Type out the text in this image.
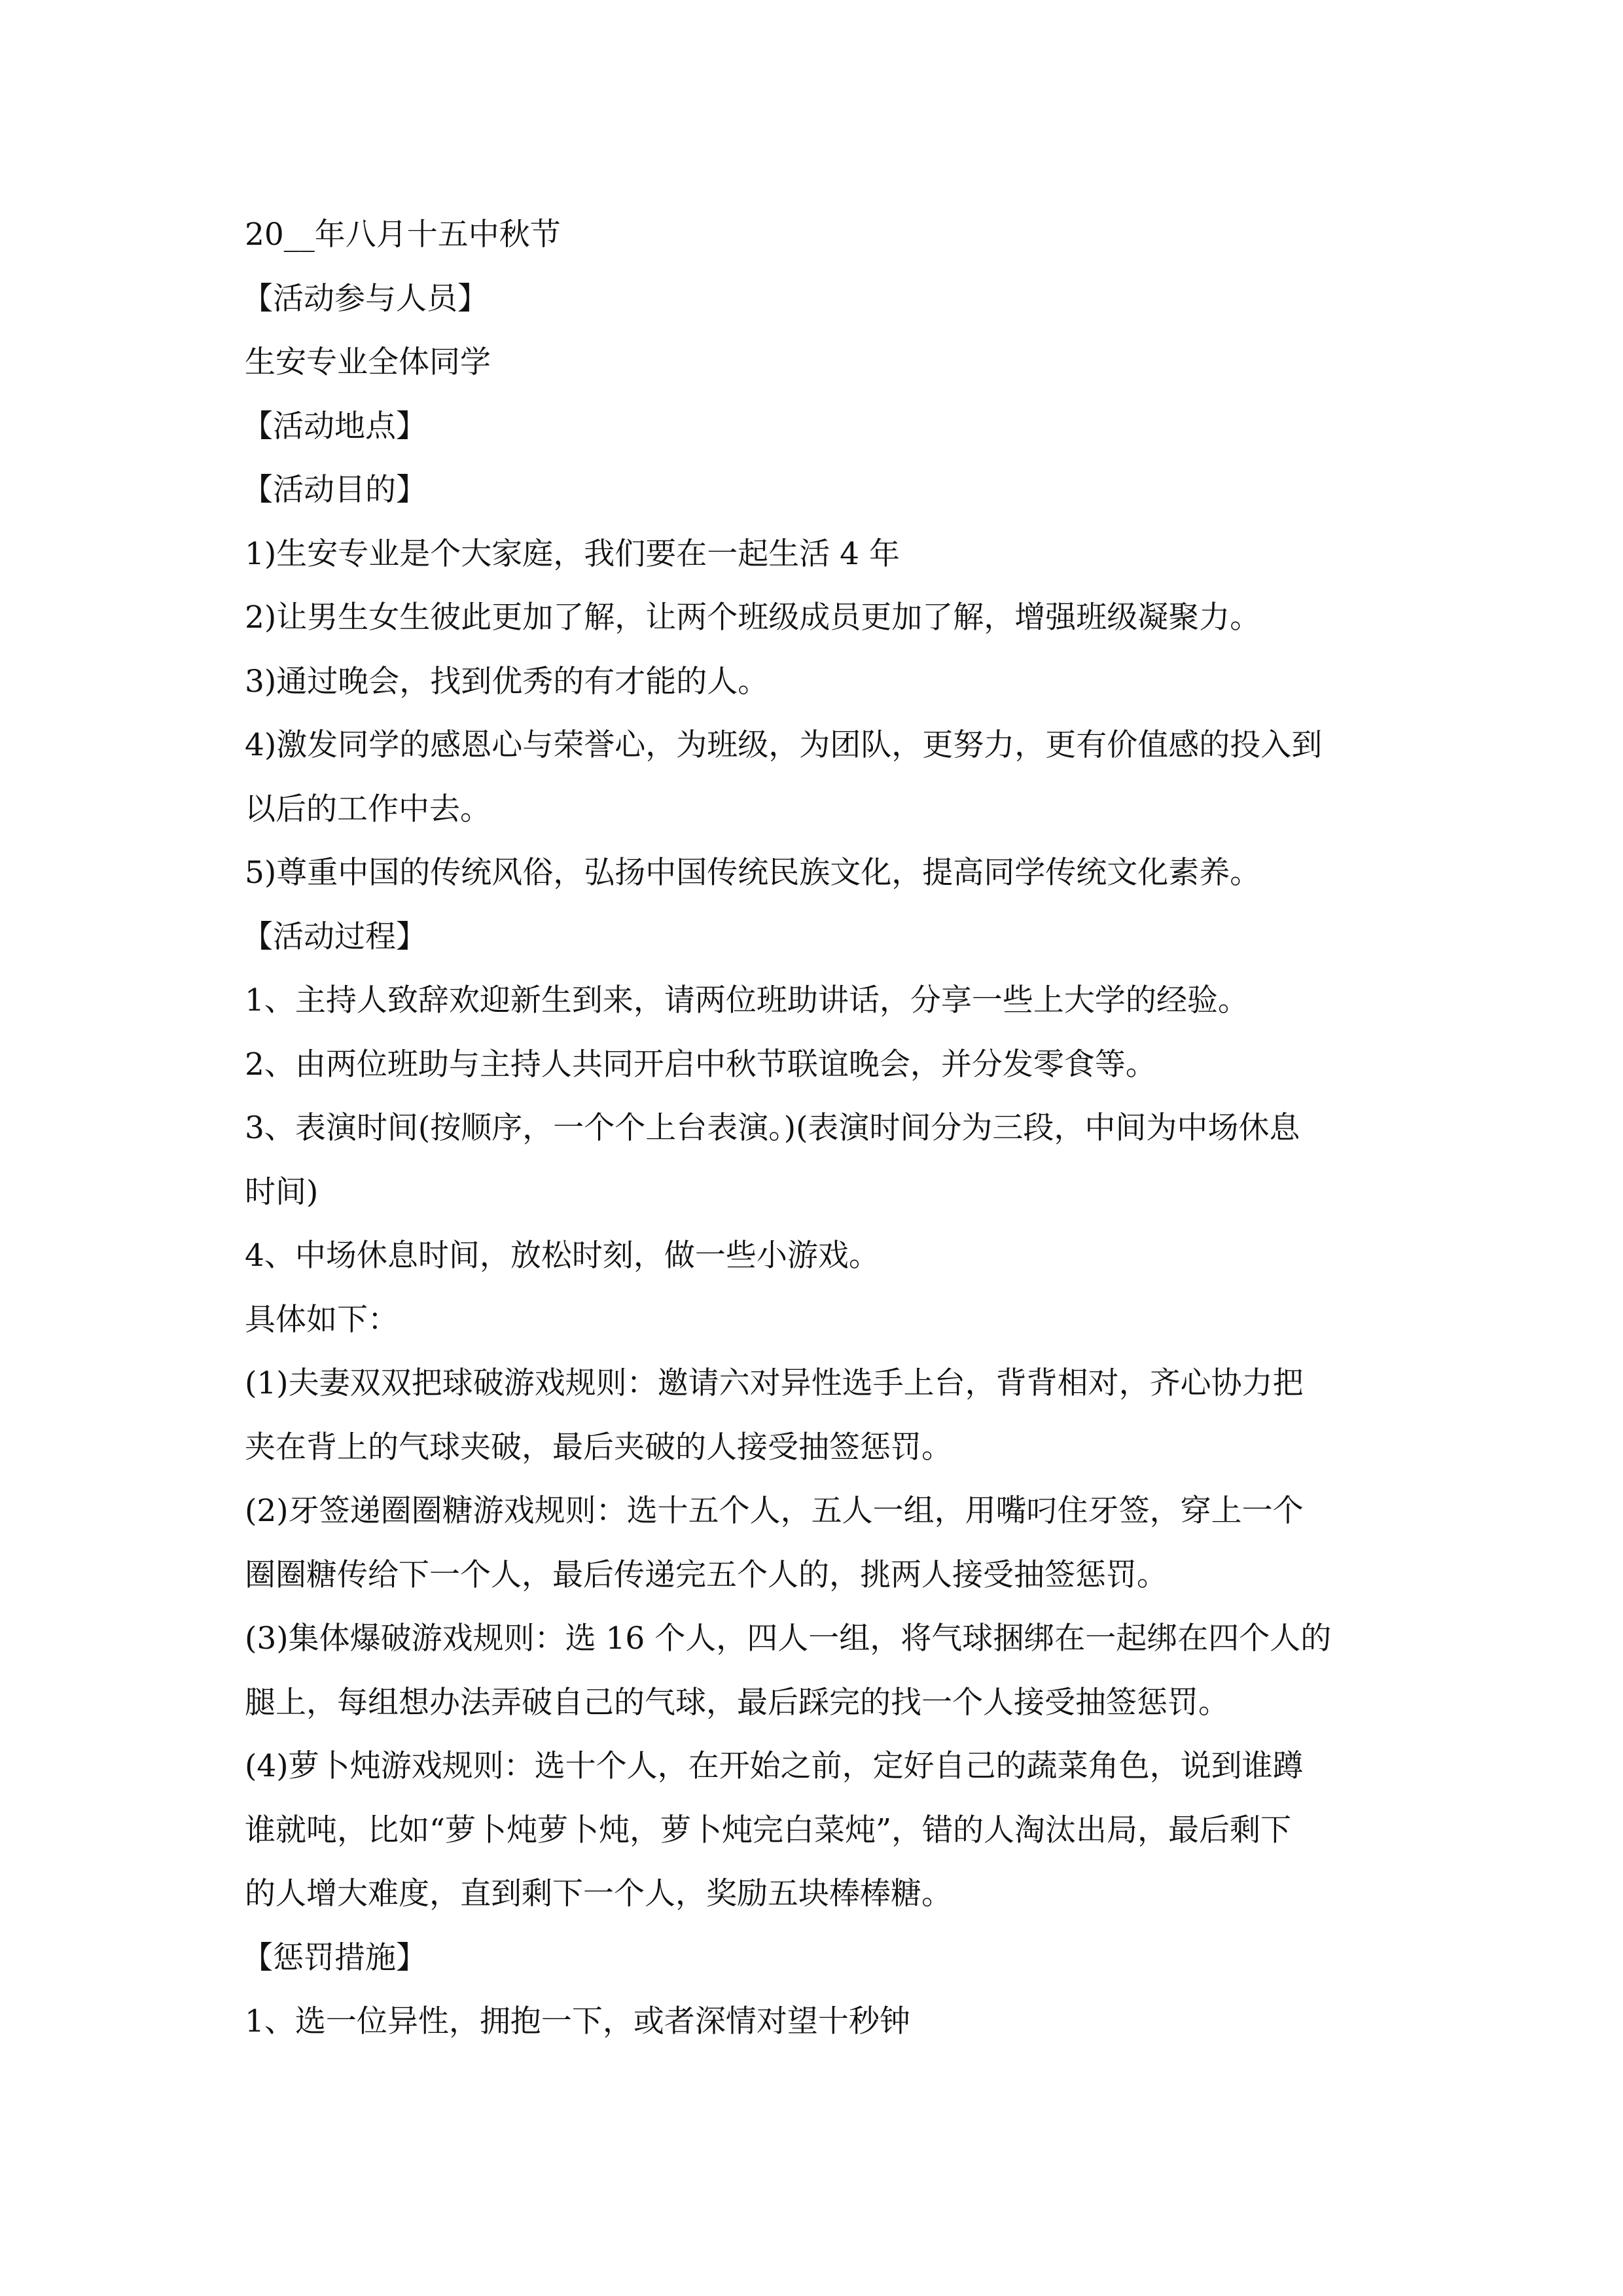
20__年八月十五中秋节
【活动参与人员】
生安专业全体同学
【活动地点】
【活动目的】
1)生安专业是个大家庭，我们要在一起生活 4 年
2)让男生女生彼此更加了解，让两个班级成员更加了解，增强班级凝聚力。
3)通过晚会，找到优秀的有才能的人。
4)激发同学的感恩心与荣誉心，为班级，为团队，更努力，更有价值感的投入到
以后的工作中去。
5)尊重中国的传统风俗，弘扬中国传统民族文化，提高同学传统文化素养。
【活动过程】
1、主持人致辞欢迎新生到来，请两位班助讲话，分享一些上大学的经验。
2、由两位班助与主持人共同开启中秋节联谊晚会，并分发零食等。
3、表演时间(按顺序，一个个上台表演。)(表演时间分为三段，中间为中场休息
时间)
4、中场休息时间，放松时刻，做一些小游戏。
具体如下：
(1)夫妻双双把球破游戏规则：邀请六对异性选手上台，背背相对，齐心协力把
夹在背上的气球夹破，最后夹破的人接受抽签惩罚。
(2)牙签递圈圈糖游戏规则：选十五个人，五人一组，用嘴叼住牙签，穿上一个
圈圈糖传给下一个人，最后传递完五个人的，挑两人接受抽签惩罚。
(3)集体爆破游戏规则：选 16 个人，四人一组，将气球捆绑在一起绑在四个人的
腿上，每组想办法弄破自己的气球，最后踩完的找一个人接受抽签惩罚。
(4)萝卜炖游戏规则：选十个人，在开始之前，定好自己的蔬菜角色，说到谁蹲
谁就吨，比如“萝卜炖萝卜炖，萝卜炖完白菜炖”，错的人淘汰出局，最后剩下
的人增大难度，直到剩下一个人，奖励五块棒棒糖。
【惩罚措施】
1、选一位异性，拥抱一下，或者深情对望十秒钟
